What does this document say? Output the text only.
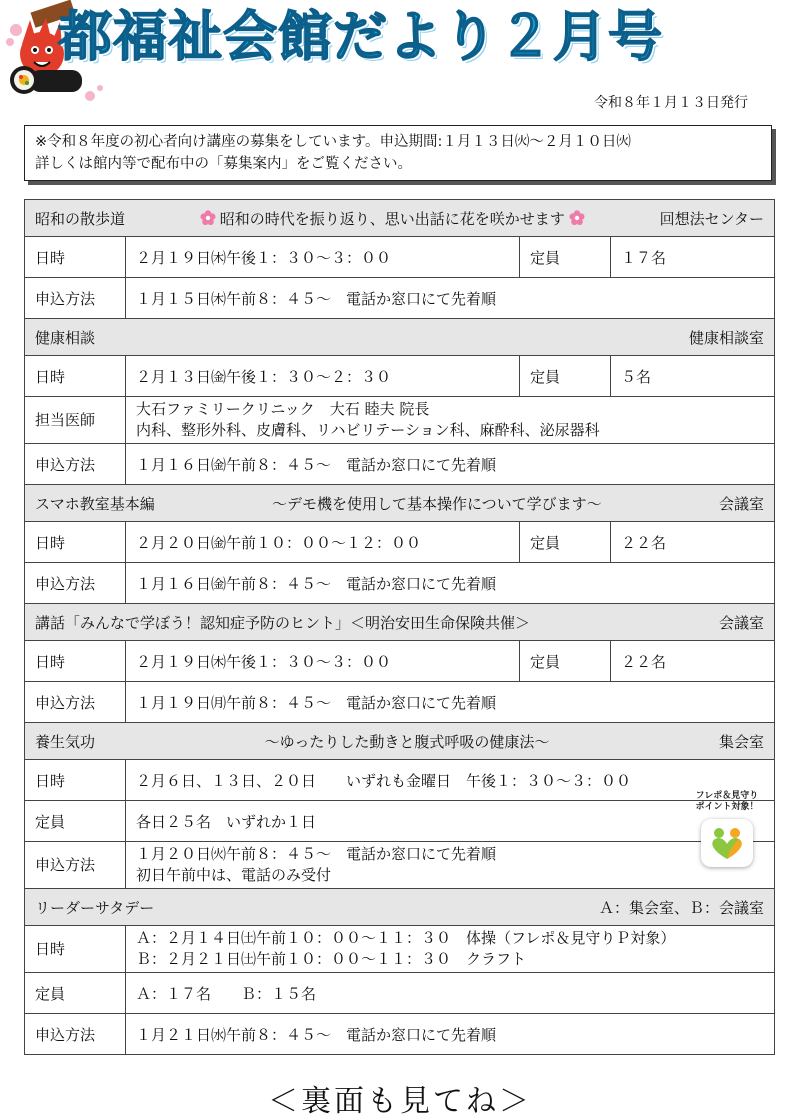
都福祉会館だより２月号
令和８年１月１３日発行
※令和８年度の初心者向け講座の募集をしています。申込期間:１月１３日㈫～２月１０日㈫
詳しくは館内等で配布中の「募集案内」をご覧ください。
昭和の散歩道 昭和の時代を振り返り、思い出話に花を咲かせます 回想法センター			

日時	２月１９日㈭午後１：３０～３：００	定員	１７名
申込方法	１月１５日㈭午前８：４５～　電話か窓口にて先着順		

健康相談 健康相談室			

日時	２月１３日㈮午後１：３０～２：３０	定員	５名
担当医師	大石ファミリークリニック　大石 睦夫 院長
内科、整形外科、皮膚科、リハビリテーション科、麻酔科、泌尿器科		

申込方法	１月１６日㈮午前８：４５～　電話か窓口にて先着順		

スマホ教室基本編 ～デモ機を使用して基本操作について学びます～ 会議室			

日時	２月２０日㈮午前１０：００～１２：００	定員	２２名
申込方法	１月１６日㈮午前８：４５～　電話か窓口にて先着順		

講話「みんなで学ぼう！認知症予防のヒント」＜明治安田生命保険共催＞ 会議室			

日時	２月１９日㈭午後１：３０～３：００	定員	２２名
申込方法	１月１９日㈪午前８：４５～　電話か窓口にて先着順		

養生気功 ～ゆったりした動きと腹式呼吸の健康法～ 集会室			

日時	２月６日、１３日、２０日　　いずれも金曜日　午後１：３０～３：００		
定員	各日２５名　いずれか１日
フレポ＆見守り
ポイント対象！		

申込方法	１月２０日㈫午前８：４５～　電話か窓口にて先着順
初日午前中は、電話のみ受付		

リーダーサタデー Ａ：集会室、Ｂ：会議室			

日時	Ａ：２月１４日㈯午前１０：００～１１：３０　体操（フレポ＆見守りＰ対象）
Ｂ：２月２１日㈯午前１０：００～１１：３０　クラフト		

定員	Ａ：１７名　　Ｂ：１５名		
申込方法	１月２１日㈬午前８：４５～　電話か窓口にて先着順		
＜裏面も見てね＞
